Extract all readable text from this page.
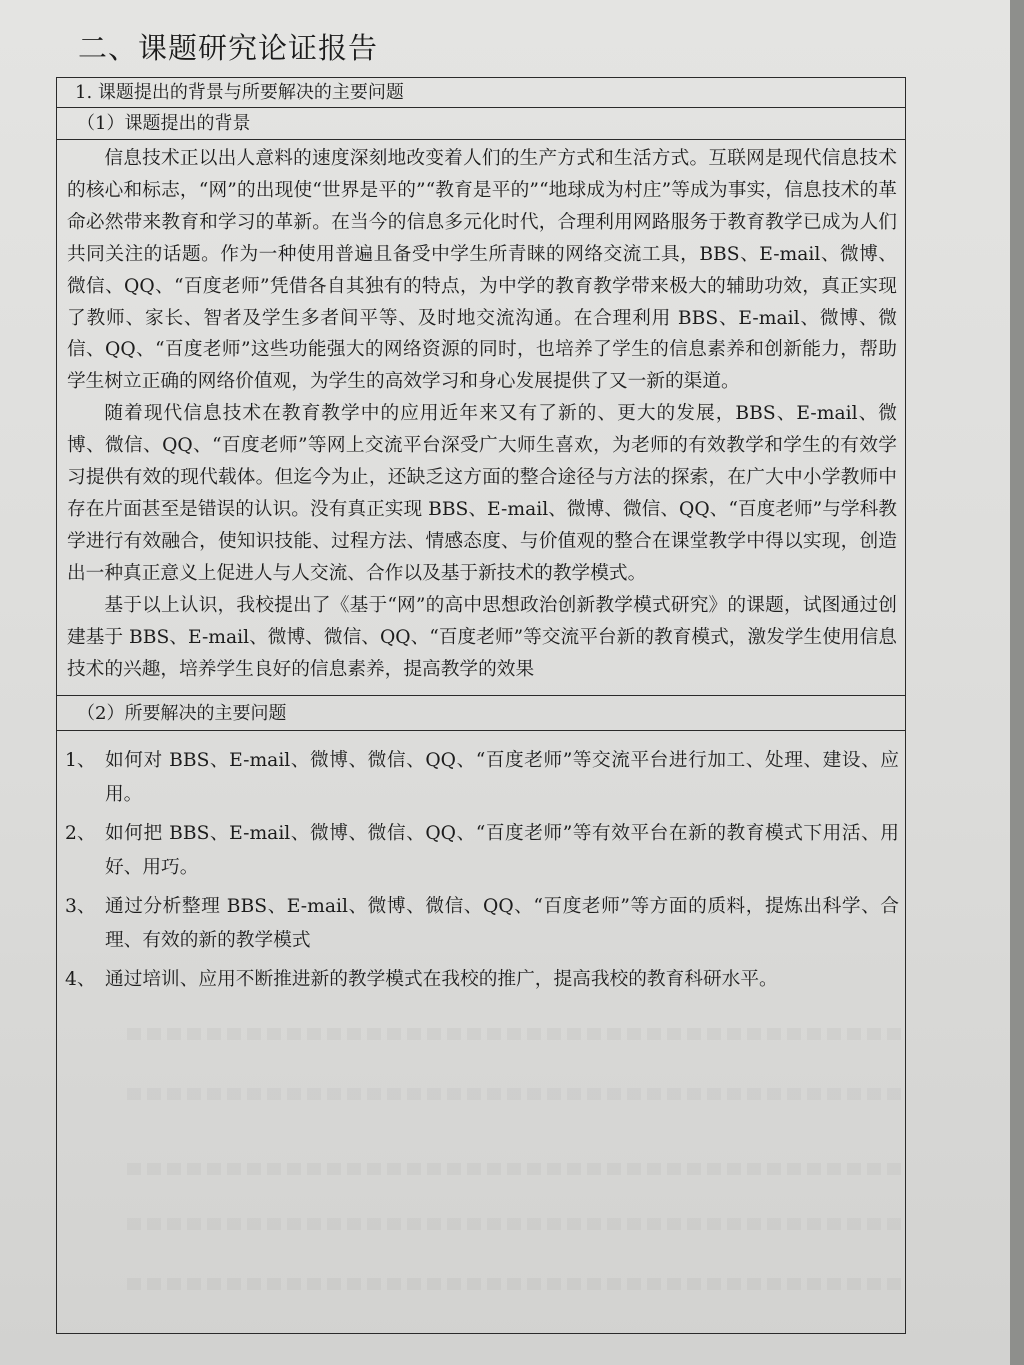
二、课题研究论证报告
1. 课题提出的背景与所要解决的主要问题
（1）课题提出的背景

信息技术正以出人意料的速度深刻地改变着人们的生产方式和生活方式。互联网是现代信息技术的核心和标志，“网”的出现使“世界是平的”“教育是平的”“地球成为村庄”等成为事实，信息技术的革命必然带来教育和学习的革新。在当今的信息多元化时代，合理利用网路服务于教育教学已成为人们共同关注的话题。作为一种使用普遍且备受中学生所青睐的网络交流工具，BBS、E-mail、微博、微信、QQ、“百度老师”凭借各自其独有的特点，为中学的教育教学带来极大的辅助功效，真正实现了教师、家长、智者及学生多者间平等、及时地交流沟通。在合理利用 BBS、E-mail、微博、微信、QQ、“百度老师”这些功能强大的网络资源的同时，也培养了学生的信息素养和创新能力，帮助学生树立正确的网络价值观，为学生的高效学习和身心发展提供了又一新的渠道。

随着现代信息技术在教育教学中的应用近年来又有了新的、更大的发展，BBS、E-mail、微博、微信、QQ、“百度老师”等网上交流平台深受广大师生喜欢，为老师的有效教学和学生的有效学习提供有效的现代载体。但迄今为止，还缺乏这方面的整合途径与方法的探索，在广大中小学教师中存在片面甚至是错误的认识。没有真正实现 BBS、E-mail、微博、微信、QQ、“百度老师”与学科教学进行有效融合，使知识技能、过程方法、情感态度、与价值观的整合在课堂教学中得以实现，创造出一种真正意义上促进人与人交流、合作以及基于新技术的教学模式。

基于以上认识，我校提出了《基于“网”的高中思想政治创新教学模式研究》的课题，试图通过创建基于 BBS、E-mail、微博、微信、QQ、“百度老师”等交流平台新的教育模式，激发学生使用信息技术的兴趣，培养学生良好的信息素养，提高教学的效果

（2）所要解决的主要问题
1、 如何对 BBS、E-mail、微博、微信、QQ、“百度老师”等交流平台进行加工、处理、建设、应用。
2、 如何把 BBS、E-mail、微博、微信、QQ、“百度老师”等有效平台在新的教育模式下用活、用好、用巧。
3、 通过分析整理 BBS、E-mail、微博、微信、QQ、“百度老师”等方面的质料，提炼出科学、合理、有效的新的教学模式
4、 通过培训、应用不断推进新的教学模式在我校的推广，提高我校的教育科研水平。
